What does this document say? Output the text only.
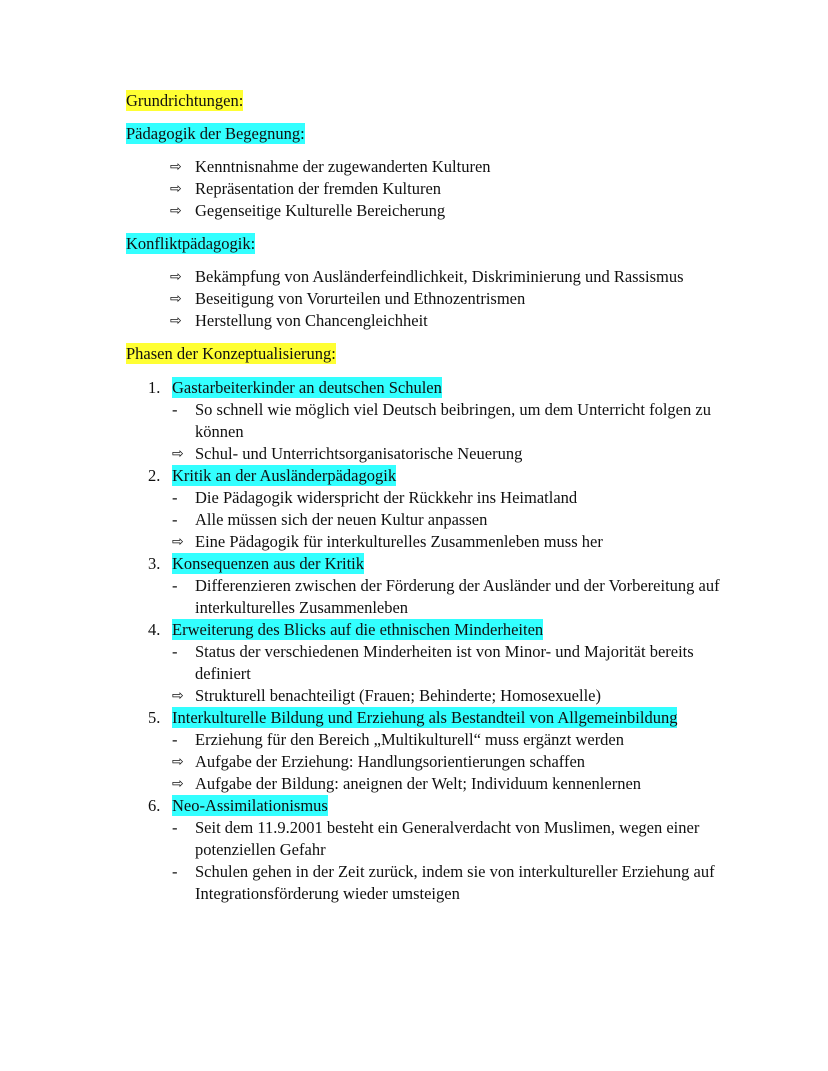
Grundrichtungen:

Pädagogik der Begegnung:

⇨ Kenntnisnahme der zugewanderten Kulturen
⇨ Repräsentation der fremden Kulturen
⇨ Gegenseitige Kulturelle Bereicherung

Konfliktpädagogik:

⇨ Bekämpfung von Ausländerfeindlichkeit, Diskriminierung und Rassismus
⇨ Beseitigung von Vorurteilen und Ethnozentrismen
⇨ Herstellung von Chancengleichheit

Phasen der Konzeptualisierung:

1. Gastarbeiterkinder an deutschen Schulen
- So schnell wie möglich viel Deutsch beibringen, um dem Unterricht folgen zu können
⇨ Schul- und Unterrichtsorganisatorische Neuerung
2. Kritik an der Ausländerpädagogik
- Die Pädagogik widerspricht der Rückkehr ins Heimatland
- Alle müssen sich der neuen Kultur anpassen
⇨ Eine Pädagogik für interkulturelles Zusammenleben muss her
3. Konsequenzen aus der Kritik
- Differenzieren zwischen der Förderung der Ausländer und der Vorbereitung auf interkulturelles Zusammenleben
4. Erweiterung des Blicks auf die ethnischen Minderheiten
- Status der verschiedenen Minderheiten ist von Minor- und Majorität bereits definiert
⇨ Strukturell benachteiligt (Frauen; Behinderte; Homosexuelle)
5. Interkulturelle Bildung und Erziehung als Bestandteil von Allgemeinbildung
- Erziehung für den Bereich „Multikulturell“ muss ergänzt werden
⇨ Aufgabe der Erziehung: Handlungsorientierungen schaffen
⇨ Aufgabe der Bildung: aneignen der Welt; Individuum kennenlernen
6. Neo-Assimilationismus
- Seit dem 11.9.2001 besteht ein Generalverdacht von Muslimen, wegen einer potenziellen Gefahr
- Schulen gehen in der Zeit zurück, indem sie von interkultureller Erziehung auf Integrationsförderung wieder umsteigen
